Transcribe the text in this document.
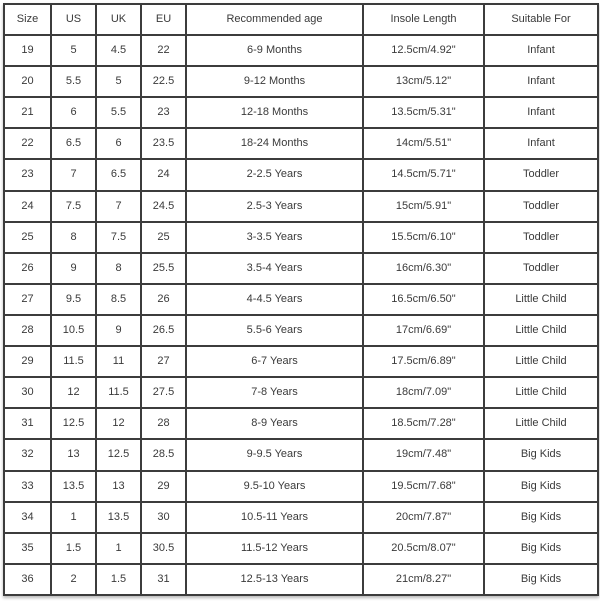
Size	US	UK	EU	Recommended age	Insole Length	Suitable For
19	5	4.5	22	6-9 Months	12.5cm/4.92"	Infant
20	5.5	5	22.5	9-12 Months	13cm/5.12"	Infant
21	6	5.5	23	12-18 Months	13.5cm/5.31"	Infant
22	6.5	6	23.5	18-24 Months	14cm/5.51"	Infant
23	7	6.5	24	2-2.5 Years	14.5cm/5.71"	Toddler
24	7.5	7	24.5	2.5-3 Years	15cm/5.91"	Toddler
25	8	7.5	25	3-3.5 Years	15.5cm/6.10"	Toddler
26	9	8	25.5	3.5-4 Years	16cm/6.30"	Toddler
27	9.5	8.5	26	4-4.5 Years	16.5cm/6.50"	Little Child
28	10.5	9	26.5	5.5-6 Years	17cm/6.69"	Little Child
29	11.5	11	27	6-7 Years	17.5cm/6.89"	Little Child
30	12	11.5	27.5	7-8 Years	18cm/7.09"	Little Child
31	12.5	12	28	8-9 Years	18.5cm/7.28"	Little Child
32	13	12.5	28.5	9-9.5 Years	19cm/7.48"	Big Kids
33	13.5	13	29	9.5-10 Years	19.5cm/7.68"	Big Kids
34	1	13.5	30	10.5-11 Years	20cm/7.87"	Big Kids
35	1.5	1	30.5	11.5-12 Years	20.5cm/8.07"	Big Kids
36	2	1.5	31	12.5-13 Years	21cm/8.27"	Big Kids
